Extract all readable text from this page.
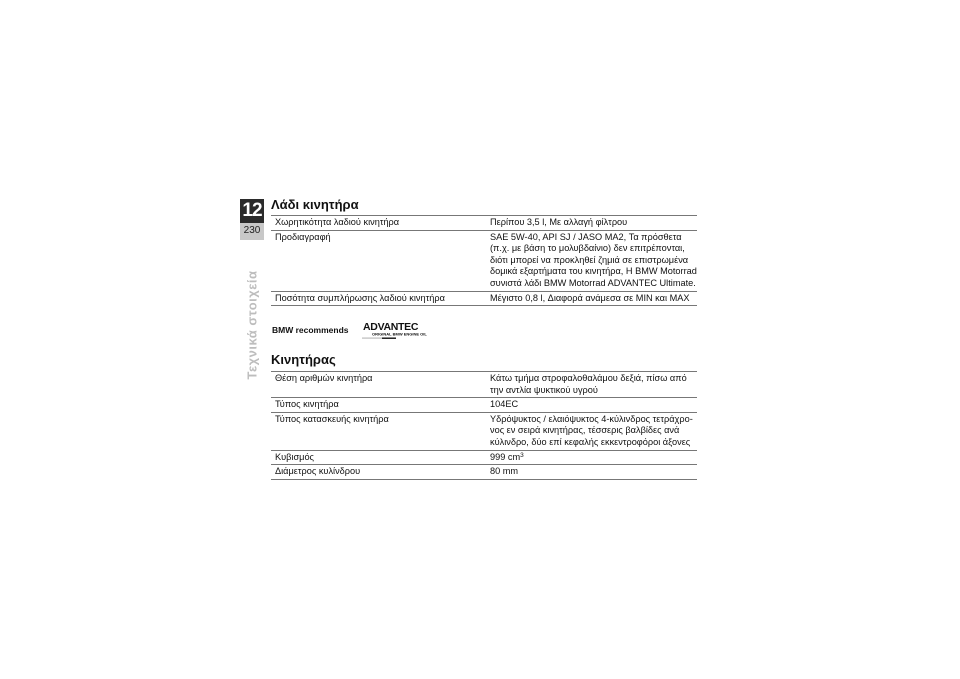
12
230
Τεχνικά στοιχεία
Λάδι κινητήρα
Χωρητικότητα λαδιού κινητήρα	Περίπου 3,5 l, Με αλλαγή φίλτρου
Προδιαγραφή	SAE 5W-40, API SJ / JASO MA2, Τα πρόσθετα (π.χ. με βάση το μολυβδαίνιο) δεν επιτρέπονται, διότι μπορεί να προκληθεί ζημιά σε επιστρωμένα δομικά εξαρτήματα του κινητήρα, Η BMW Motorrad συνιστά λάδι BMW Motorrad ADVANTEC Ultimate.
Ποσότητα συμπλήρωσης λαδιού κινητήρα	Μέγιστο 0,8 l, Διαφορά ανάμεσα σε MIN και MAX
BMW recommends ADVANTEC
ORIGINAL BMW ENGINE OIL
Κινητήρας
Θέση αριθμών κινητήρα	Κάτω τμήμα στροφαλοθαλάμου δεξιά, πίσω από την αντλία ψυκτικού υγρού
Τύπος κινητήρα	104EC
Τύπος κατασκευής κινητήρα	Υδρόψυκτος / ελαιόψυκτος 4-κύλινδρος τετράχρο-νος εν σειρά κινητήρας, τέσσερις βαλβίδες ανά κύλινδρο, δύο επί κεφαλής εκκεντροφόροι άξονες
Κυβισμός	999 $cm^3$
Διάμετρος κυλίνδρου	80 mm
